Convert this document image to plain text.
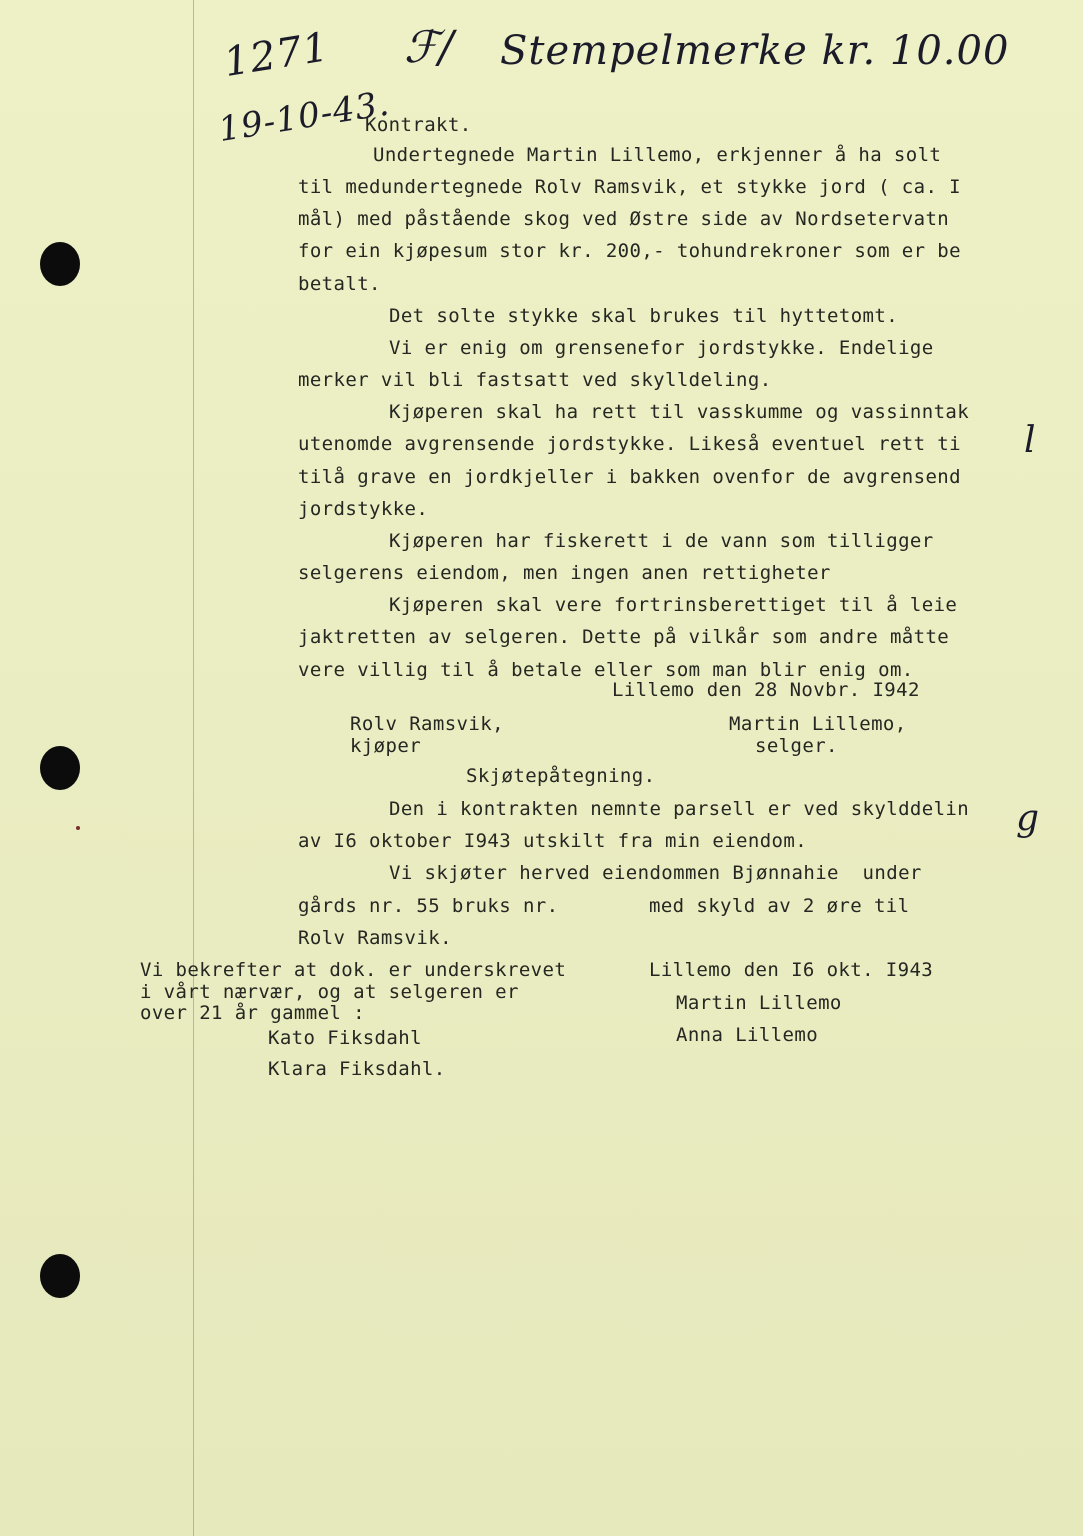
1271
19-10-43.
ℱ/ Stempelmerke kr. 10.00
Kontrakt.
Undertegnede Martin Lillemo, erkjenner å ha solt
til medundertegnede Rolv Ramsvik, et stykke jord ( ca. I
mål) med påstående skog ved Østre side av Nordsetervatn
for ein kjøpesum stor kr. 200,- tohundrekroner som er be
betalt.
Det solte stykke skal brukes til hyttetomt.
Vi er enig om grensenefor jordstykke. Endelige
merker vil bli fastsatt ved skylldeling.
Kjøperen skal ha rett til vasskumme og vassinntak
utenomde avgrensende jordstykke. Likeså eventuel rett ti l
tilå grave en jordkjeller i bakken ovenfor de avgrensend
jordstykke.
Kjøperen har fiskerett i de vann som tilligger
selgerens eiendom, men ingen anen rettigheter
Kjøperen skal vere fortrinsberettiget til å leie
jaktretten av selgeren. Dette på vilkår som andre måtte
vere villig til å betale eller som man blir enig om.
Lillemo den 28 Novbr. I942
Rolv Ramsvik,
kjøper
Martin Lillemo,
selger.
Skjøtepåtegning.
Den i kontrakten nemnte parsell er ved skylddelin g
av I6 oktober I943 utskilt fra min eiendom.
Vi skjøter herved eiendommen Bjønnahie  under
gårds nr. 55 bruks nr.	med skyld av 2 øre til
Rolv Ramsvik.
Vi bekrefter at dok. er underskrevet
i vårt nærvær, og at selgeren er
over 21 år gammel :
Kato Fiksdahl
Klara Fiksdahl.
Lillemo den I6 okt. I943
Martin Lillemo
Anna Lillemo
